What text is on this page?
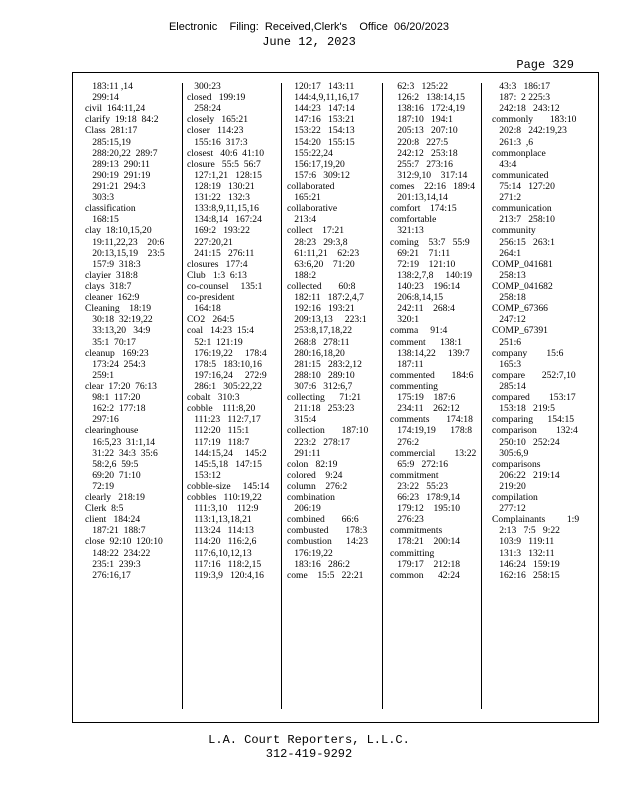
Electronic    Filing:  Received,Clerk's    Office  06/20/2023
June 12, 2023
Page 329
183:11 ,14
299:14
civil  164:11,24
clarify  19:18  84:2
Class  281:17
285:15,19
288:20,22  289:7
289:13  290:11
290:19  291:19
291:21  294:3
303:3
classification
168:15
clay  18:10,15,20
19:11,22,23    20:6
20:13,15,19    23:5
157:9  318:3
clayier  318:8
clays  318:7
cleaner  162:9
Cleaning    18:19
30:18  32:19,22
33:13,20   34:9
35:1  70:17
cleanup   169:23
173:24  254:3
259:1
clear  17:20  76:13
98:1  117:20
162:2  177:18
297:16
clearinghouse
16:5,23  31:1,14
31:22  34:3  35:6
58:2,6  59:5
69:20  71:10
72:19
clearly   218:19
Clerk  8:5
client   184:24
187:21  188:7
close  92:10  120:10
148:22  234:22
235:1  239:3
276:16,17
300:23
closed   199:19
258:24
closely   165:21
closer   114:23
155:16  317:3
closest   40:6  41:10
closure   55:5  56:7
127:1,21   128:15
128:19   130:21
131:22   132:3
133:8,9,11,15,16
134:8,14   167:24
169:2   193:22
227:20,21
241:15   276:11
closures   177:4
Club   1:3  6:13
co-counsel     135:1
co-president
164:18
CO2   264:5
coal   14:23  15:4
52:1  121:19
176:19,22     178:4
178:5   183:10,16
197:16,24     272:9
286:1   305:22,22
cobalt   310:3
cobble    111:8,20
111:23   112:7,17
112:20   115:1
117:19   118:7
144:15,24     145:2
145:5,18   147:15
153:12
cobble-size     145:14
cobbles   110:19,22
111:3,10    112:9
113:1,13,18,21
113:24   114:13
114:20   116:2,6
117:6,10,12,13
117:16   118:2,15
119:3,9   120:4,16
120:17   143:11
144:4,9,11,16,17
144:23   147:14
147:16   153:21
153:22   154:13
154:20   155:15
155:22,24
156:17,19,20
157:6   309:12
collaborated
165:21
collaborative
213:4
collect    17:21
28:23   29:3,8
61:11,21    62:23
63:6,20    71:20
188:2
collected       60:8
182:11   187:2,4,7
192:16   193:21
209:13,13     223:1
253:8,17,18,22
268:8   278:11
280:16,18,20
281:15   283:2,12
288:10   289:10
307:6   312:6,7
collecting      71:21
211:18   253:23
315:4
collection       187:10
223:2   278:17
291:11
colon   82:19
colored    9:24
column    276:2
combination
206:19
combined       66:6
combusted       178:3
combustion      14:23
176:19,22
183:16   286:2
come    15:5   22:21
62:3   125:22
126:2   138:14,15
138:16   172:4,19
187:10   194:1
205:13   207:10
220:8   227:5
242:12   253:18
255:7   273:16
312:9,10    317:14
comes    22:16   189:4
201:13,14,14
comfort    174:15
comfortable
321:13
coming    53:7   55:9
69:21    71:11
72:19    121:10
138:2,7,8     140:19
140:23    196:14
206:8,14,15
242:11    268:4
320:1
comma     91:4
comment      138:1
138:14,22     139:7
187:11
commented       184:6
commenting
175:19    187:6
234:11    262:12
comments       174:18
174:19,19      178:8
276:2
commercial        13:22
65:9   272:16
commitment
23:22   55:23
66:23   178:9,14
179:12    195:10
276:23
commitments
178:21    200:14
committing
179:17    212:18
common      42:24
43:3   186:17
187:  2 225:3
242:18   243:12
commonly       183:10
202:8   242:19,23
261:3  ,6
commonplace
43:4
communicated
75:14   127:20
271:2
communication
213:7   258:10
community
256:15   263:1
264:1
COMP_041681
258:13
COMP_041682
258:18
COMP_67366
247:12
COMP_67391
251:6
company        15:6
165:3
compare       252:7,10
285:14
compared        153:17
153:18   219:5
comparing      154:15
comparison        132:4
250:10   252:24
305:6,9
comparisons
206:22   219:14
219:20
compilation
277:12
Complainants         1:9
2:13   7:5   9:22
103:9   119:11
131:3   132:11
146:24   159:19
162:16   258:15
L.A. Court Reporters, L.L.C.
312-419-9292
